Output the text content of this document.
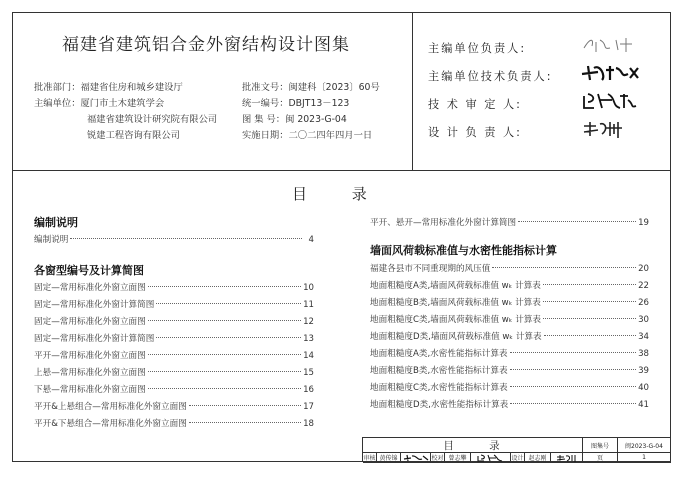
福建省建筑铝合金外窗结构设计图集
批准部门：福建省住房和城乡建设厅
主编单位：厦门市土木建筑学会
福建省建筑设计研究院有限公司
锐建工程咨询有限公司
批准文号：闽建科〔2023〕60号
统一编号：DBJT13－123
图 集 号：闽 2023-G-04
实施日期：二〇二四年四月一日
主编单位负责人:
主编单位技术负责人:
技 术 审 定 人:
设 计 负 责 人:
目 录
编制说明
编制说明	4
各窗型编号及计算简图
固定—常用标准化外窗立面图	10
固定—常用标准化外窗计算简图	11
固定—常用标准化外窗立面图	12
固定—常用标准化外窗计算简图	13
平开—常用标准化外窗立面图	14
上悬—常用标准化外窗立面图	15
下悬—常用标准化外窗立面图	16
平开&上悬组合—常用标准化外窗立面图	17
平开&下悬组合—常用标准化外窗立面图	18
平开、悬开—常用标准化外窗计算简图	19
墙面风荷载标准值与水密性能指标计算
福建各县市不同重现期的风压值	20
地面粗糙度A类,墙面风荷载标准值 wₖ 计算表	22
地面粗糙度B类,墙面风荷载标准值 wₖ 计算表	26
地面粗糙度C类,墙面风荷载标准值 wₖ 计算表	30
地面粗糙度D类,墙面风荷载标准值 wₖ 计算表	34
地面粗糙度A类,水密性能指标计算表	38
地面粗糙度B类,水密性能指标计算表	39
地面粗糙度C类,水密性能指标计算表	40
地面粗糙度D类,水密性能指标计算表	41
目 录	图集号	闽2023-G-04
审核 黄传锦	校对 曾志攀	设计 赵志刚	页	1
